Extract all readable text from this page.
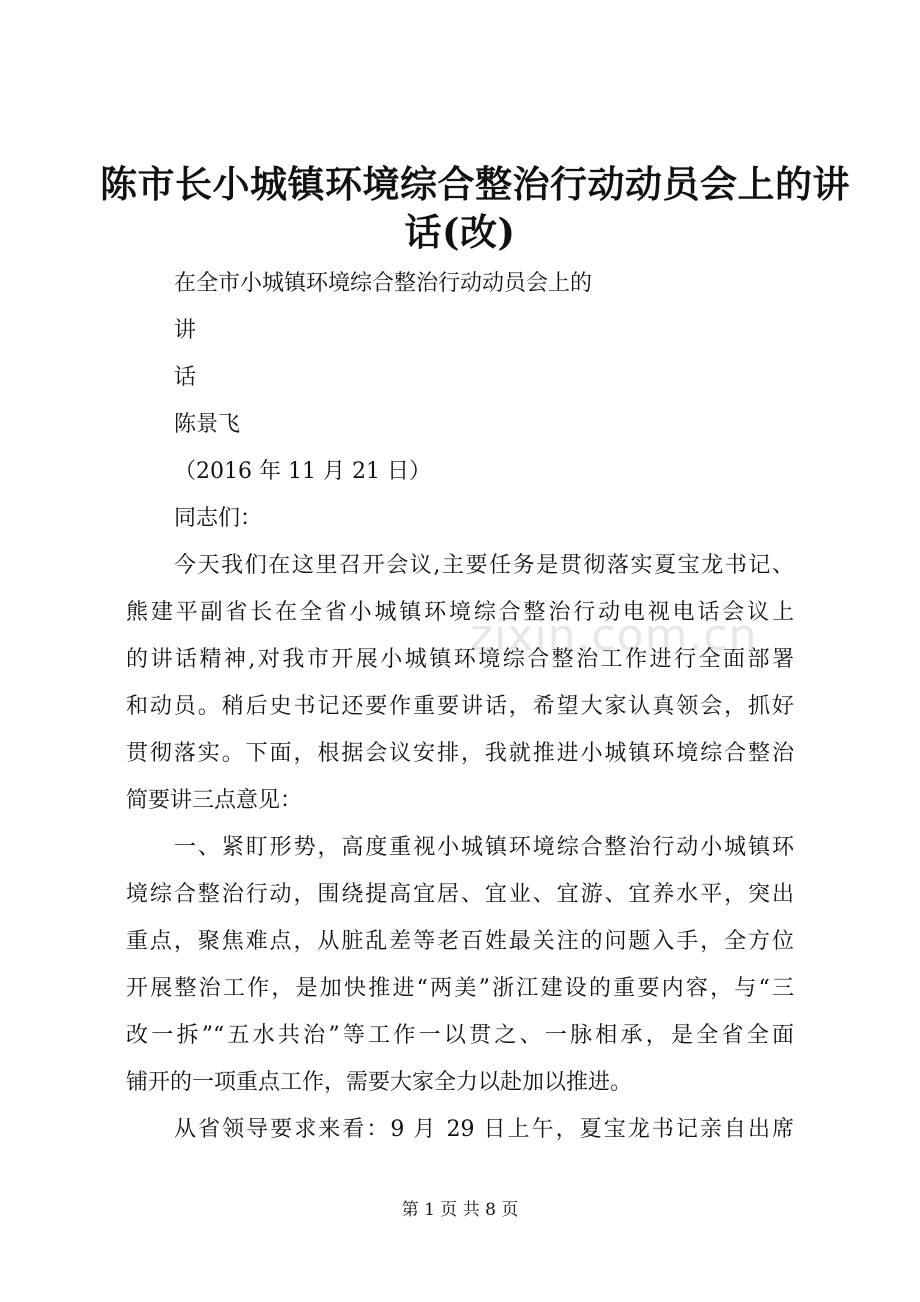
陈市长小城镇环境综合整治行动动员会上的讲
话(改)
zixin.com.cn
在全市小城镇环境综合整治行动动员会上的
讲
话
陈景飞
（2016 年 11 月 21 日）
同志们：
今天我们在这里召开会议,主要任务是贯彻落实夏宝龙书记、
熊建平副省长在全省小城镇环境综合整治行动电视电话会议上
的讲话精神,对我市开展小城镇环境综合整治工作进行全面部署
和动员。稍后史书记还要作重要讲话，希望大家认真领会，抓好
贯彻落实。下面，根据会议安排，我就推进小城镇环境综合整治
简要讲三点意见：
一、紧盯形势，高度重视小城镇环境综合整治行动小城镇环
境综合整治行动，围绕提高宜居、宜业、宜游、宜养水平，突出
重点，聚焦难点，从脏乱差等老百姓最关注的问题入手，全方位
开展整治工作，是加快推进“两美”浙江建设的重要内容，与“三
改一拆”“五水共治”等工作一以贯之、一脉相承，是全省全面
铺开的一项重点工作，需要大家全力以赴加以推进。
从省领导要求来看：9 月 29 日上午，夏宝龙书记亲自出席
第 1 页 共 8 页
